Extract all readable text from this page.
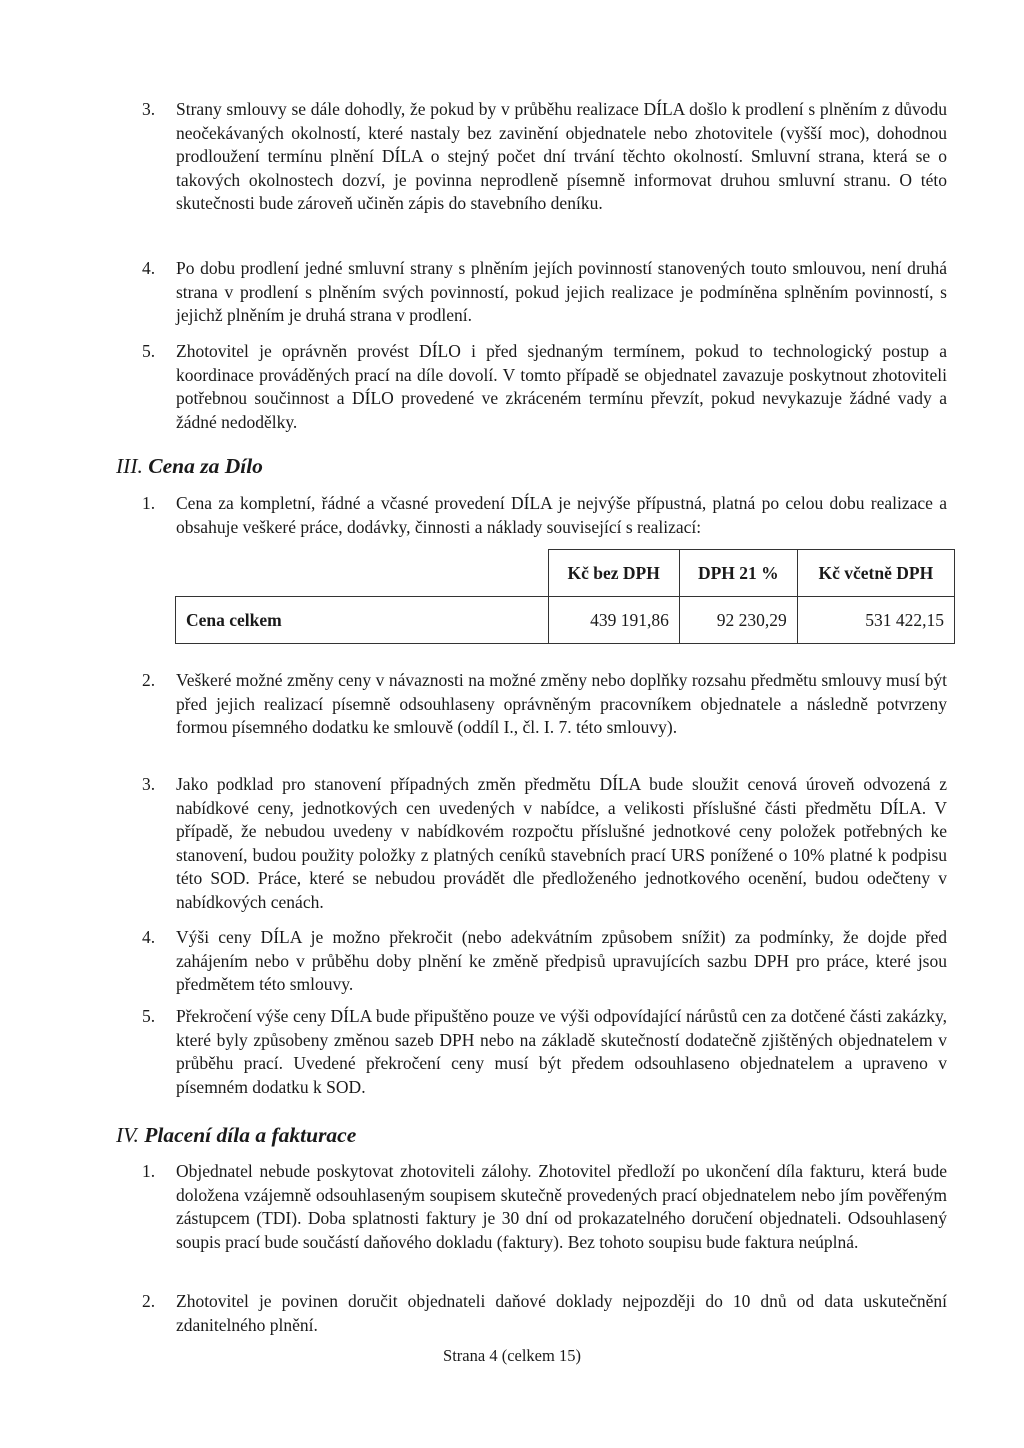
3.	Strany smlouvy se dále dohodly, že pokud by v průběhu realizace DÍLA došlo k prodlení s plněním z důvodu neočekávaných okolností, které nastaly bez zavinění objednatele nebo zhotovitele (vyšší moc), dohodnou prodloužení termínu plnění DÍLA o stejný počet dní trvání těchto okolností. Smluvní strana, která se o takových okolnostech dozví, je povinna neprodleně písemně informovat druhou smluvní stranu. O této skutečnosti bude zároveň učiněn zápis do stavebního deníku.
4.	Po dobu prodlení jedné smluvní strany s plněním jejích povinností stanovených touto smlouvou, není druhá strana v prodlení s plněním svých povinností, pokud jejich realizace je podmíněna splněním povinností, s jejichž plněním je druhá strana v prodlení.
5.	Zhotovitel je oprávněn provést DÍLO i před sjednaným termínem, pokud to technologický postup a koordinace prováděných prací na díle dovolí. V tomto případě se objednatel zavazuje poskytnout zhotoviteli potřebnou součinnost a DÍLO provedené ve zkráceném termínu převzít, pokud nevykazuje žádné vady a žádné nedodělky.
III. Cena za Dílo
1.	Cena za kompletní, řádné a včasné provedení DÍLA je nejvýše přípustná, platná po celou dobu realizace a obsahuje veškeré práce, dodávky, činnosti a náklady související s realizací:
	Kč bez DPH	DPH 21 %	Kč včetně DPH
Cena celkem	439 191,86	92 230,29	531 422,15
2.	Veškeré možné změny ceny v návaznosti na možné změny nebo doplňky rozsahu předmětu smlouvy musí být před jejich realizací písemně odsouhlaseny oprávněným pracovníkem objednatele a následně potvrzeny formou písemného dodatku ke smlouvě (oddíl I., čl. I. 7. této smlouvy).
3.	Jako podklad pro stanovení případných změn předmětu DÍLA bude sloužit cenová úroveň odvozená z nabídkové ceny, jednotkových cen uvedených v nabídce, a velikosti příslušné části předmětu DÍLA. V případě, že nebudou uvedeny v nabídkovém rozpočtu příslušné jednotkové ceny položek potřebných ke stanovení, budou použity položky z platných ceníků stavebních prací URS ponížené o 10% platné k podpisu této SOD. Práce, které se nebudou provádět dle předloženého jednotkového ocenění, budou odečteny v nabídkových cenách.
4.	Výši ceny DÍLA je možno překročit (nebo adekvátním způsobem snížit) za podmínky, že dojde před zahájením nebo v průběhu doby plnění ke změně předpisů upravujících sazbu DPH pro práce, které jsou předmětem této smlouvy.
5.	Překročení výše ceny DÍLA bude připuštěno pouze ve výši odpovídající nárůstů cen za dotčené části zakázky, které byly způsobeny změnou sazeb DPH nebo na základě skutečností dodatečně zjištěných objednatelem v průběhu prací. Uvedené překročení ceny musí být předem odsouhlaseno objednatelem a upraveno v písemném dodatku k SOD.
IV. Placení díla a fakturace
1.	Objednatel nebude poskytovat zhotoviteli zálohy. Zhotovitel předloží po ukončení díla fakturu, která bude doložena vzájemně odsouhlaseným soupisem skutečně provedených prací objednatelem nebo jím pověřeným zástupcem (TDI). Doba splatnosti faktury je 30 dní od prokazatelného doručení objednateli. Odsouhlasený soupis prací bude součástí daňového dokladu (faktury). Bez tohoto soupisu bude faktura neúplná.
2.	Zhotovitel je povinen doručit objednateli daňové doklady nejpozději do 10 dnů od data uskutečnění zdanitelného plnění.
Strana 4 (celkem 15)
